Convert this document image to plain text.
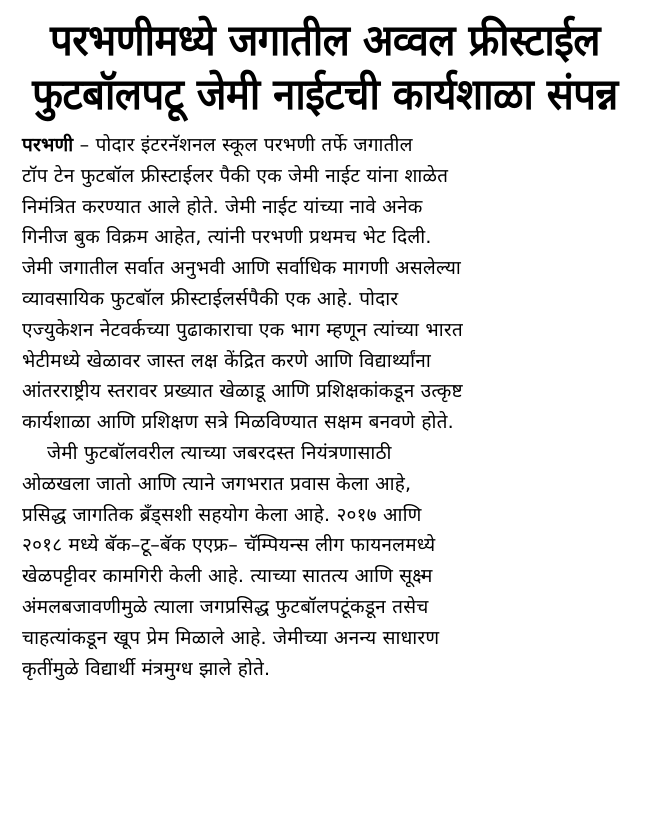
परभणीमध्ये जगातील अव्वल फ्रीस्टाईल
फुटबॉलपटू जेमी नाईटची कार्यशाळा संपन्न
परभणी – पोदार इंटरनॅशनल स्कूल परभणी तर्फे जगातील
टॉप टेन फुटबॉल फ्रीस्टाईलर पैकी एक जेमी नाईट यांना शाळेत
निमंत्रित करण्यात आले होते. जेमी नाईट यांच्या नावे अनेक
गिनीज बुक विक्रम आहेत, त्यांनी परभणी प्रथमच भेट दिली.
जेमी जगातील सर्वात अनुभवी आणि सर्वाधिक मागणी असलेल्या
व्यावसायिक फुटबॉल फ्रीस्टाईलर्सपैकी एक आहे. पोदार
एज्युकेशन नेटवर्कच्या पुढाकाराचा एक भाग म्हणून त्यांच्या भारत
भेटीमध्ये खेळावर जास्त लक्ष केंद्रित करणे आणि विद्यार्थ्यांना
आंतरराष्ट्रीय स्तरावर प्रख्यात खेळाडू आणि प्रशिक्षकांकडून उत्कृष्ट
कार्यशाळा आणि प्रशिक्षण सत्रे मिळविण्यात सक्षम बनवणे होते.
जेमी फुटबॉलवरील त्याच्या जबरदस्त नियंत्रणासाठी
ओळखला जातो आणि त्याने जगभरात प्रवास केला आहे,
प्रसिद्ध जागतिक ब्रँड्सशी सहयोग केला आहे. २०१७ आणि
२०१८ मध्ये बॅक–टू–बॅक एएफ्र– चॅम्पियन्स लीग फायनलमध्ये
खेळपट्टीवर कामगिरी केली आहे. त्याच्या सातत्य आणि सूक्ष्म
अंमलबजावणीमुळे त्याला जगप्रसिद्ध फुटबॉलपटूंकडून तसेच
चाहत्यांकडून खूप प्रेम मिळाले आहे. जेमीच्या अनन्य साधारण
कृतींमुळे विद्यार्थी मंत्रमुग्ध झाले होते.
